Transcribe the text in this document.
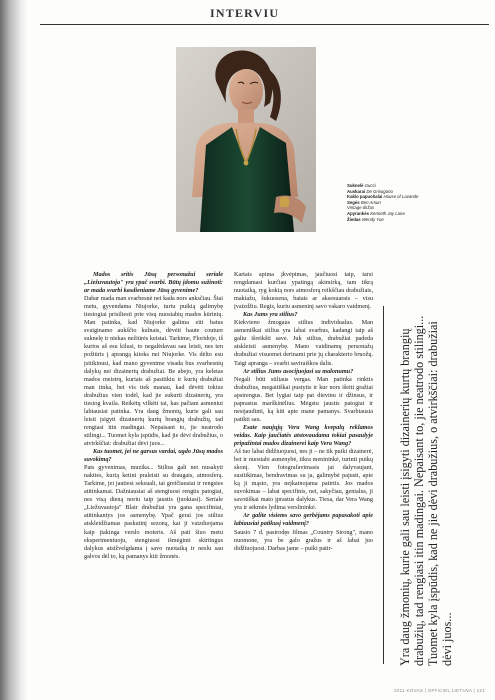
INTERVIU
Suknelė Gucci
Auskarai De Grisogono
Kaklo papuošalai House of Lavande
Segės Ben Amun
Vintage diržas
Apyrankės Kenneth Jay Lane
Žiedas Wendy Yue

Mados sritis Jūsų personažui seriale „Liežuvautoja" yra ypač svarbi. Būtų įdomu sužinoti: ar mada svarbi kasdieniame Jūsų gyvenime?

Dabar mada man svarbesnė nei kada nors anksčiau. Štai metu, gyvendama Niujorke, turiu puikią galimybę tiesiogiai prisiliesti prie visų nuostabių mados kūrinių. Man patinka, kad Niujorke galima eiti batus svaiginamo aukščio kulnais, dėvėti haute couture suknelę ir niekas nežiūrės keistai. Tarkime, Floridoje, iš kurios aš esu kilusi, to negalėdavau sau leisti, nes ten požiūris į aprangą kitoks nei Niujorke. Vis dėlto esu įsitikinusi, kad mano gyvenime visada bus svarbesnių dalykų nei dizainerių drabužiai. Be abejo, yra keletas mados meistrų, kuriais aš pasitikiu ir kurių drabužiai man tinka, bet vis tiek manau, kad dėvėti tokius drabužius vien todėl, kad jie sukurti dizainerių, yra tiesiog kvaila. Reikėtų vilkėti tai, kas pačiam asmeniui labiausiai patinka. Yra daug žmonių, kurie gali sau leisti įsigyti dizainerių kurtų brangių drabužių, tad rengiasi itin madingai. Nepaisant to, jie neatrodo stilingi... Tuomet kyla įspūdis, kad jie dėvi drabužius, o atvirkščiai: drabužiai dėvi juos...

Kas tuomet, jei ne garsus vardai, ugdo Jūsų mados suvokimą?

Pats gyvenimas, muzika... Stilius gali net nusakyti nakties, kurią ketini praleisti su draugais, atmosferą. Tarkime, jei jautiesi seksuali, tai greičiausiai ir rengsies atitinkamai. Dažniausiai aš stengiuosi rengtis patogiai, nes visą dieną noriu taip jaustis (juokiasi). Seriale „Liežuvautoja" Blair drabužiai yra gana specifiniai, atitinkantys jos asmenybę. Ypač gerai jos stilius atskleidžiamas paskutinį sezoną, kai ji vaizduojama kaip įtakinga verslo moteris. Aš pati šiuo metu eksperimentuoju, stengiuosi išmėginti skirtingus dalykus atsižvelgdama į savo nuotaiką ir neslu sau galvos dėl to, ką pamanys kiti žmonės.

Kartais apima įkvėpimas, jaučiuosi taip, tarsi rengdamasi kurčiau ypatingą akimirką, tam tikrą nuotaiką, ryg kokią nors atmosferą reikščiau drabužiais, makiažu, šukuosena, batais ar aksesuarais – visu įvaizdžiu. Regis, kuriu asmeninį savo vakaro vaidmenį.

Kas Jums yra stilius?

Kiekvieno žmogaus stilius individualus. Man asmeniškai stilius yra labai svarbus, kadangi taip aš galiu išreikšti save. Juk stilius, drabužiai padeda atskleisti asmenybę. Mano vaidinamų personažų drabužiai visuomet derinami prie jų charakterio bruožų. Taigi apranga – svarbi saviraiškos dalis.

Ar stilius Jums asocijuojasi su malonumu?

Negali būti stiliaus vergas. Man patinka rinktis drabužius, megaitiškai pustytis ir kur nors išeiti gražiai apsirengus. Bet lygiai taip pat dievinu ir džinsus, ir paprastus marškinėlius. Mėgstu jaustis patogiai ir nesijaudinti, ką kiti apie mane pamanys. Svarbiausia patikti sau.

Esate naujųjų Vera Wang kvepalų reklamos veidas. Kaip jaučiatės atstovaudama tokiai pasaulyje pripažintai mados dizainerei kaip Vera Wang?

Aš tuo labai didžiuojuosi, nes ji – ne tik puiki dizainerė, bet ir nuostabi asmenybė, tikra menininkė, turinti puikų skonį. Vien fotografavimasis jai dalyvaujant, susitikimas, bendravimas su ja, galimybė pajusti, apie ką ji mąsto, yra neįkainojama patirtis. Jos mados suvokimas – labai specifinis, net, sakyčiau, genialus, ji savotiškai mato įprastus dalykus. Tiesa, dar Vera Wang yra ir sėkmės lydima verslininkė.

Ar galite visiems savo gerbėjams papasakoti apie labiausiai patikusį vaidmenį?

Sausio 7 d. pasirodęs filmas „Country Strong", mano nuomone, yra be galo gražus ir aš labai juo didžiuojuosi. Darbas jame – puiki patir-	Yra daug žmonių, kurie gali sau leisti įsigyti dizainerių kurtų brangių drabužių, tad rengiasi itin madingai. Nepaisant to, jie neatrodo stilingi... Tuomet kyla įspūdis, kad ne jie dėvi drabužius, o atvirkščiai: drabužiai dėvi juos...
2011 KOVAS | OFFICIEL LIETUVA | 121
